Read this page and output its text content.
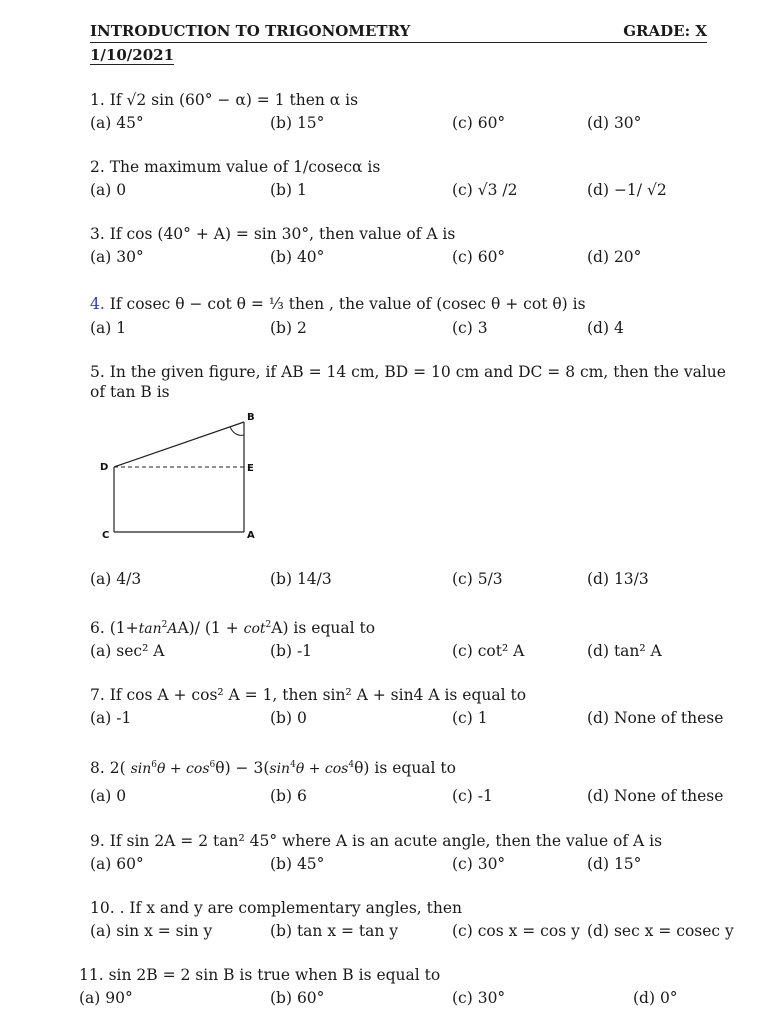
INTRODUCTION TO TRIGONOMETRY	GRADE: X
1/10/2021
1. If √2 sin (60° − α) = 1 then α is
(a) 45°	(b) 15°	(c) 60°	(d) 30°
2. The maximum value of 1/cosecα is
(a) 0	(b) 1	(c) √3 /2	(d) −1/ √2
3. If cos (40° + A) = sin 30°, then value of A is
(a) 30°	(b) 40°	(c) 60°	(d) 20°
4. If cosec θ − cot θ = ⅓ then , the value of (cosec θ + cot θ) is
(a) 1	(b) 2	(c) 3	(d) 4
5. In the given figure, if AB = 14 cm, BD = 10 cm and DC = 8 cm, then the value of tan B is
B
D	E
C	A
(a) 4/3	(b) 14/3	(c) 5/3	(d) 13/3
6. $(1+\tan^2AA)/$ $(1 + \cot^2A)$ is equal to
(a) sec² A	(b) -1	(c) cot² A	(d) tan² A
7. If cos A + cos² A = 1, then sin² A + sin4 A is equal to
(a) -1	(b) 0	(c) 1	(d) None of these
8. 2( $\sin^6\theta + \cos^6\theta) - 3(\sin^4\theta + \cos^4\theta)$ is equal to
(a) 0	(b) 6	(c) -1	(d) None of these
9. If sin 2A = 2 tan² 45° where A is an acute angle, then the value of A is
(a) 60°	(b) 45°	(c) 30°	(d) 15°
10. . If x and y are complementary angles, then
(a) sin x = sin y	(b) tan x = tan y	(c) cos x = cos y (d) sec x = cosec y
11. sin 2B = 2 sin B is true when B is equal to
(a) 90°	(b) 60°	(c) 30°	(d) 0°
